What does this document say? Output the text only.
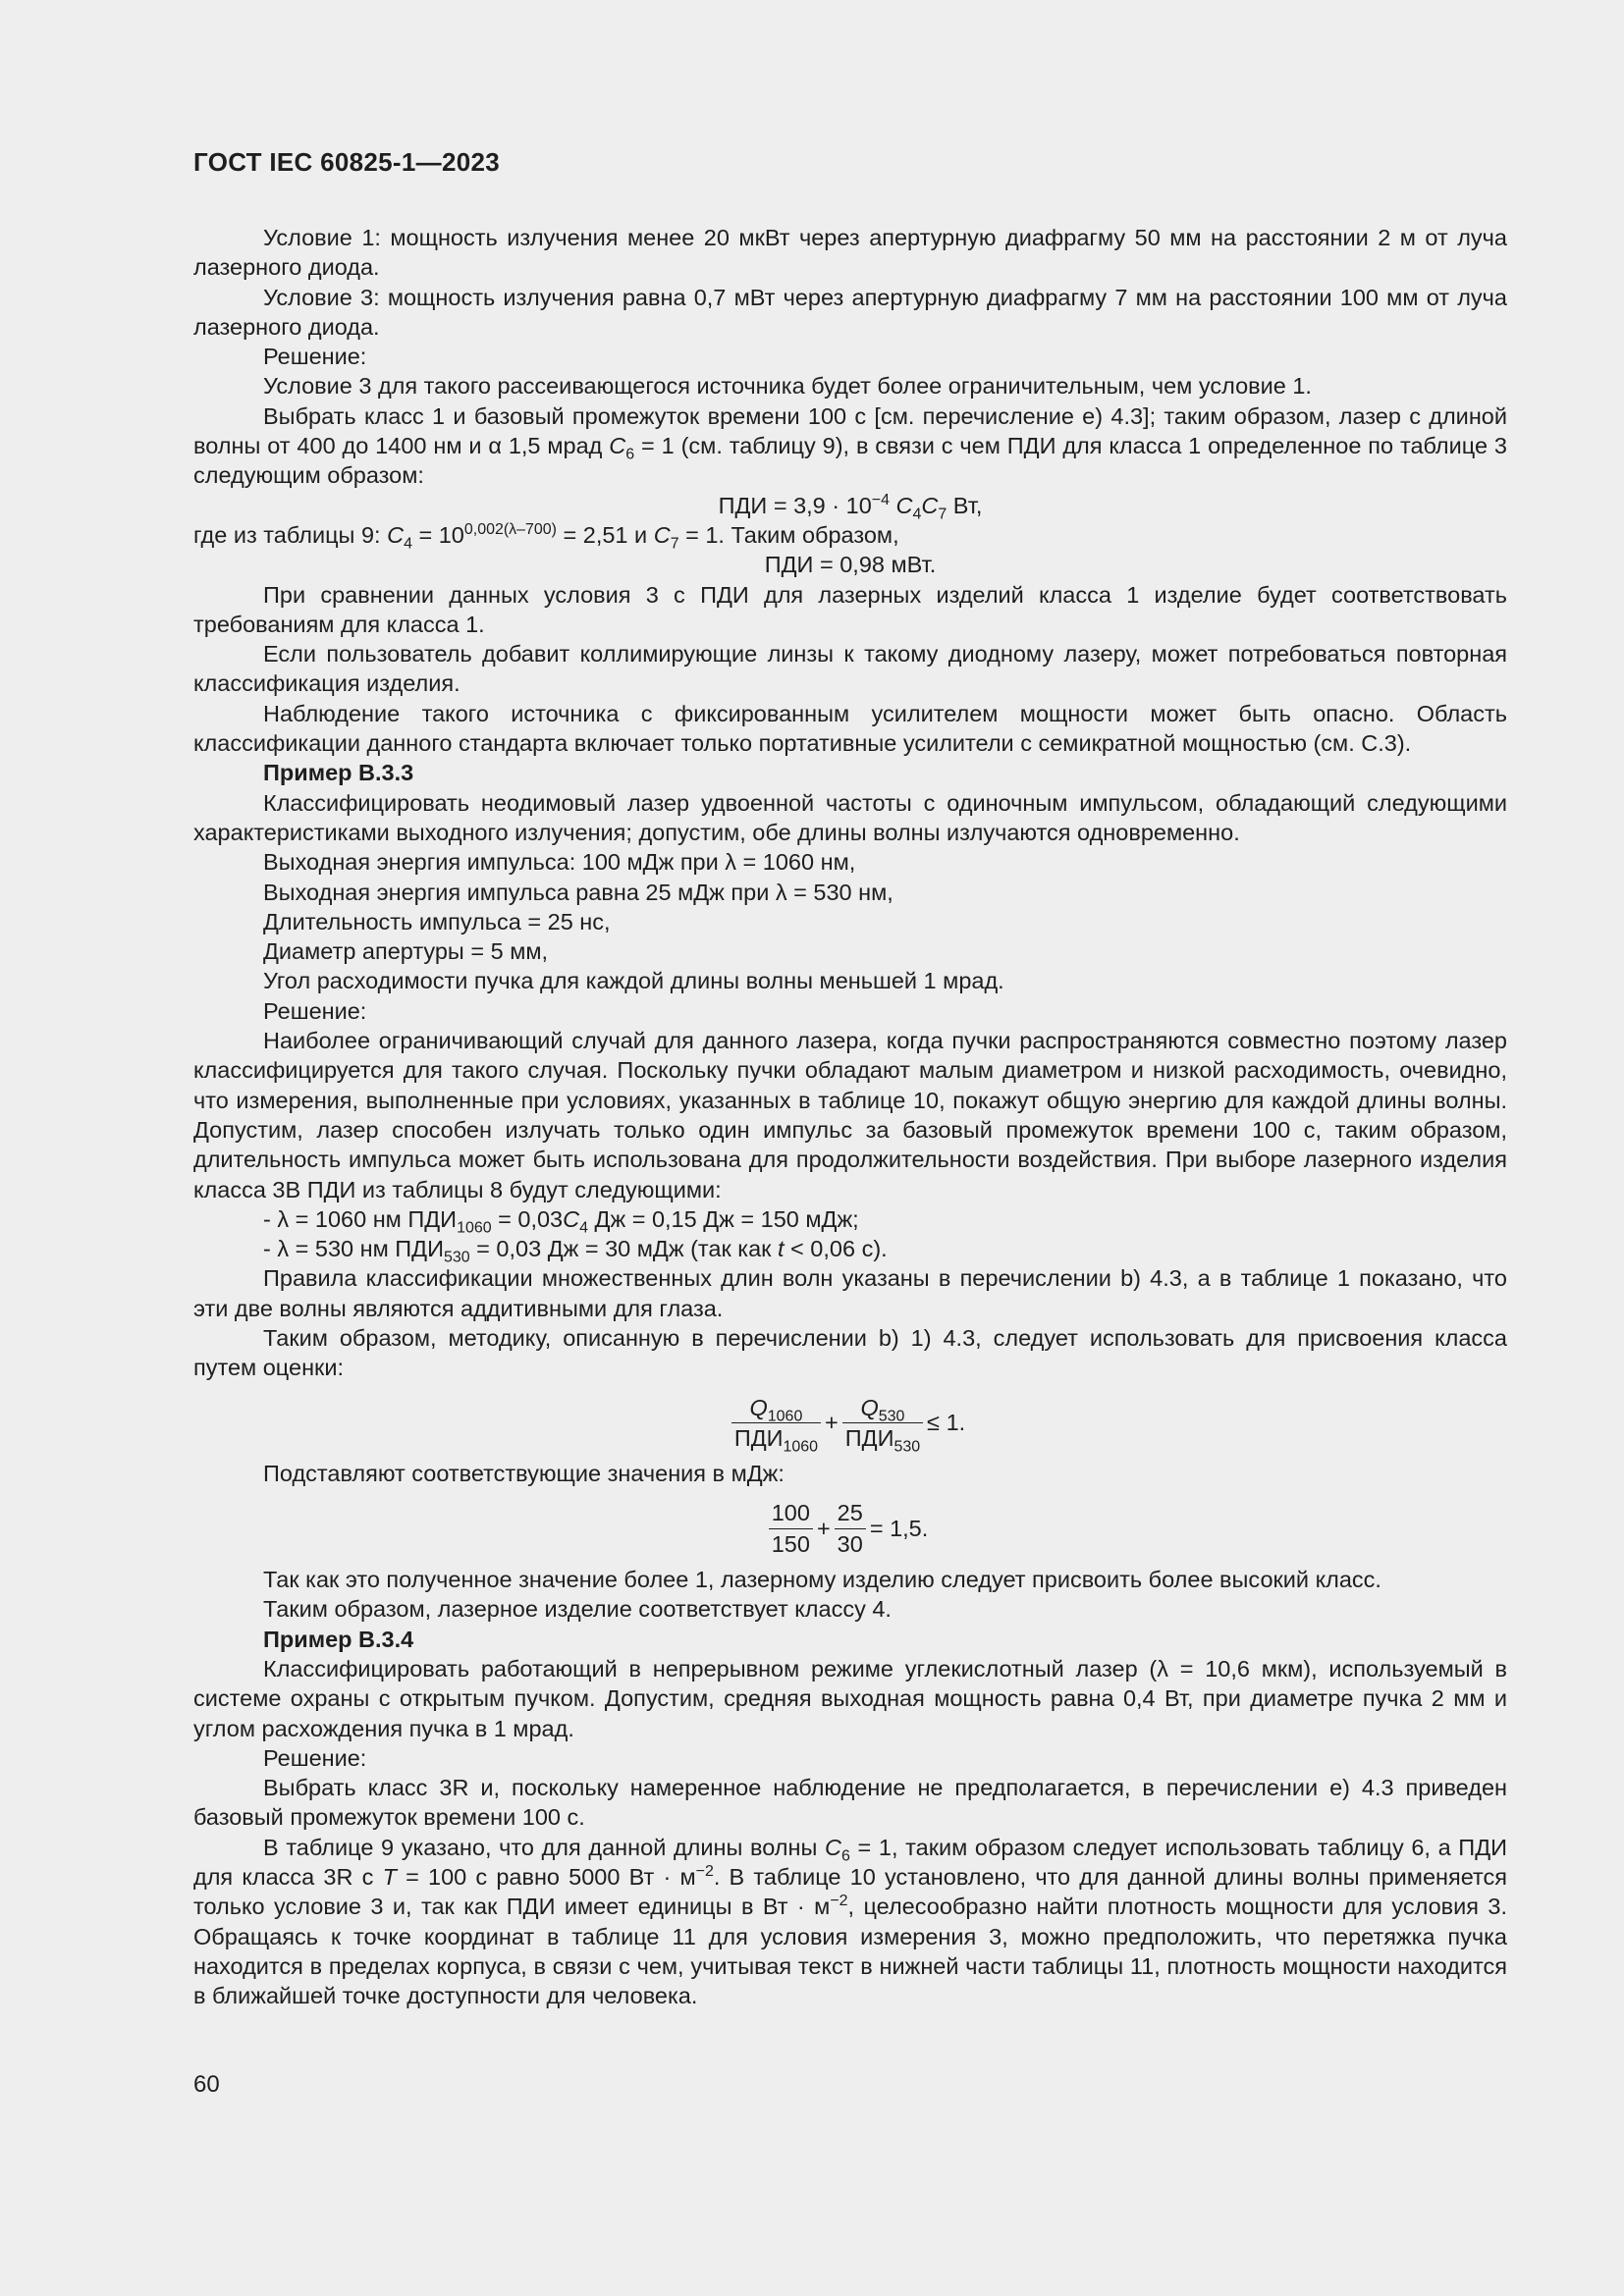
ГОСТ IEC 60825-1—2023

Условие 1: мощность излучения менее 20 мкВт через апертурную диафрагму 50 мм на расстоянии 2 м от луча лазерного диода.

Условие 3: мощность излучения равна 0,7 мВт через апертурную диафрагму 7 мм на расстоянии 100 мм от луча лазерного диода.

Решение:

Условие 3 для такого рассеивающегося источника будет более ограничительным, чем условие 1.

Выбрать класс 1 и базовый промежуток времени 100 с [см. перечисление е) 4.3]; таким образом, лазер с длиной волны от 400 до 1400 нм и α 1,5 мрад $C_6 = 1$ (см. таблицу 9), в связи с чем ПДИ для класса 1 определенное по таблице 3 следующим образом:

ПДИ = $3,9 \cdot 10^{-4}$ $C_4C_7$ Вт,

где из таблицы 9: $C_4 = 10^{0,002(\lambda-700)} = 2,51$ и $C_7 = 1$. Таким образом,

ПДИ = 0,98 мВт.

При сравнении данных условия 3 с ПДИ для лазерных изделий класса 1 изделие будет соответствовать требованиям для класса 1.

Если пользователь добавит коллимирующие линзы к такому диодному лазеру, может потребоваться повторная классификация изделия.

Наблюдение такого источника с фиксированным усилителем мощности может быть опасно. Область классификации данного стандарта включает только портативные усилители с семикратной мощностью (см. С.3).

Пример В.3.3

Классифицировать неодимовый лазер удвоенной частоты с одиночным импульсом, обладающий следующими характеристиками выходного излучения; допустим, обе длины волны излучаются одновременно.

Выходная энергия импульса: 100 мДж при λ = 1060 нм,

Выходная энергия импульса равна 25 мДж при λ = 530 нм,

Длительность импульса = 25 нс,

Диаметр апертуры = 5 мм,

Угол расходимости пучка для каждой длины волны меньшей 1 мрад.

Решение:

Наиболее ограничивающий случай для данного лазера, когда пучки распространяются совместно поэтому лазер классифицируется для такого случая. Поскольку пучки обладают малым диаметром и низкой расходимость, очевидно, что измерения, выполненные при условиях, указанных в таблице 10, покажут общую энергию для каждой длины волны. Допустим, лазер способен излучать только один импульс за базовый промежуток времени 100 с, таким образом, длительность импульса может быть использована для продолжительности воздействия. При выборе лазерного изделия класса 3В ПДИ из таблицы 8 будут следующими:

- λ = 1060 нм $ПДИ_{1060} = 0,03C_4$ Дж = 0,15 Дж = 150 мДж;

- λ = 530 нм $ПДИ_{530} = 0,03$ Дж = 30 мДж (так как t < 0,06 с).

Правила классификации множественных длин волн указаны в перечислении b) 4.3, а в таблице 1 показано, что эти две волны являются аддитивными для глаза.

Таким образом, методику, описанную в перечислении b) 1) 4.3, следует использовать для присвоения класса путем оценки:

$\frac{Q_{1060}}{ПДИ_{1060}} + \frac{Q_{530}}{ПДИ_{530}} \le 1$.

Подставляют соответствующие значения в мДж:

$\frac{100}{150} + \frac{25}{30} = 1,5$.

Так как это полученное значение более 1, лазерному изделию следует присвоить более высокий класс.

Таким образом, лазерное изделие соответствует классу 4.

Пример В.3.4

Классифицировать работающий в непрерывном режиме углекислотный лазер (λ = 10,6 мкм), используемый в системе охраны с открытым пучком. Допустим, средняя выходная мощность равна 0,4 Вт, при диаметре пучка 2 мм и углом расхождения пучка в 1 мрад.

Решение:

Выбрать класс 3R и, поскольку намеренное наблюдение не предполагается, в перечислении е) 4.3 приведен базовый промежуток времени 100 с.

В таблице 9 указано, что для данной длины волны $C_6 = 1$, таким образом следует использовать таблицу 6, а ПДИ для класса 3R с T = 100 с равно 5000 Вт · $м^{-2}$. В таблице 10 установлено, что для данной длины волны применяется только условие 3 и, так как ПДИ имеет единицы в Вт · $м^{-2}$, целесообразно найти плотность мощности для условия 3. Обращаясь к точке координат в таблице 11 для условия измерения 3, можно предположить, что перетяжка пучка находится в пределах корпуса, в связи с чем, учитывая текст в нижней части таблицы 11, плотность мощности находится в ближайшей точке доступности для человека.

60
